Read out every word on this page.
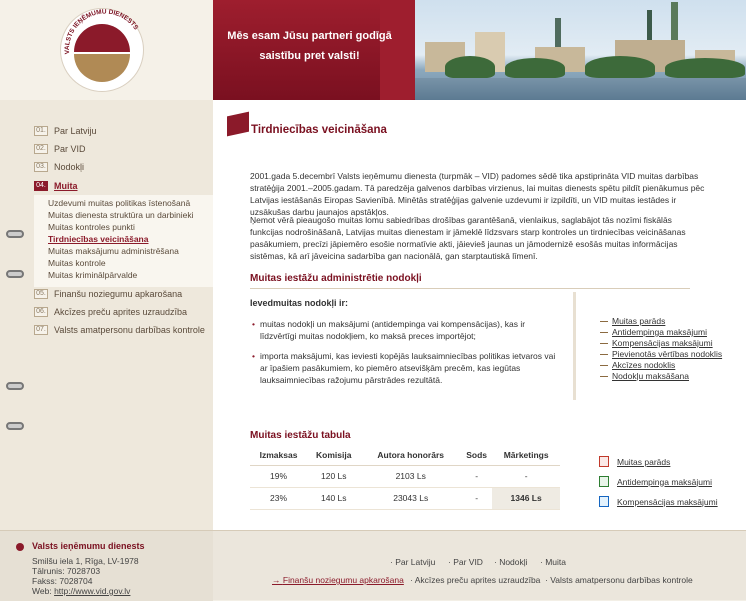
VALSTS IEŅĒMUMU DIENESTS
Mēs esam Jūsu partneri godīgā
saistību pret valsti!
01. Par Latviju
02. Par VID
03. Nodokļi
04. Muita
Uzdevumi muitas politikas īstenošanā
Muitas dienesta struktūra un darbinieki
Muitas kontroles punkti
Tirdniecības veicināšana
Muitas maksājumu administrēšana
Muitas kontrole
Muitas kriminālpārvalde
05. Finanšu noziegumu apkarošana
06. Akcīzes preču aprites uzraudzība
07. Valsts amatpersonu darbības kontrole
Tirdniecības veicināšana
2001.gada 5.decembrī Valsts ieņēmumu dienesta (turpmāk – VID) padomes sēdē tika apstiprināta VID muitas darbības stratēģija 2001.–2005.gadam. Tā paredzēja galvenos darbības virzienus, lai muitas dienests spētu pildīt pienākumus pēc Latvijas iestāšanās Eiropas Savienībā. Minētās stratēģijas galvenie uzdevumi ir izpildīti, un VID muitas iestādes ir uzsākušas darbu jaunajos apstākļos.
Ņemot vērā pieaugošo muitas lomu sabiedrības drošības garantēšanā, vienlaikus, saglabājot tās nozīmi fiskālās funkcijas nodrošināšanā, Latvijas muitas dienestam ir jāmeklē līdzsvars starp kontroles un tirdniecības veicināšanas pasākumiem, precīzi jāpiemēro esošie normatīvie akti, jāievieš jaunas un jāmodernizē esošās muitas informācijas sistēmas, kā arī jāveicina sadarbība gan nacionālā, gan starptautiskā līmenī.
Muitas iestāžu administrētie nodokļi
Ievedmuitas nodokļi ir:
• muitas nodokļi un maksājumi (antidempinga vai kompensācijas), kas ir līdzvērtīgi muitas nodokļiem, ko maksā preces importējot;
• importa maksājumi, kas ieviesti kopējās lauksaimniecības politikas ietvaros vai ar īpašiem pasākumiem, ko piemēro atsevišķām precēm, kas iegūtas lauksaimniecības ražojumu pārstrādes rezultātā.
Muitas parāds
Antidempinga maksājumi
Kompensācijas maksājumi
Pievienotās vērtības nodoklis
Akcīzes nodoklis
Nodokļu maksāšana
Muitas iestāžu tabula
Izmaksas	Komisija	Autora honorārs	Sods	Mārketings
19%	120 Ls	2103 Ls	-	-
23%	140 Ls	23043 Ls	-	1346 Ls
Muitas parāds
Antidempinga maksājumi
Kompensācijas maksājumi
Valsts ieņēmumu dienests
Smilšu iela 1, Rīga, LV-1978
Tālrunis: 7028703
Fakss: 7028704
Web: http://www.vid.gov.lv
· Par Latviju · Par VID · Nodokļi · Muita
→ Finanšu noziegumu apkarošana · Akcīzes preču aprites uzraudzība · Valsts amatpersonu darbības kontrole
